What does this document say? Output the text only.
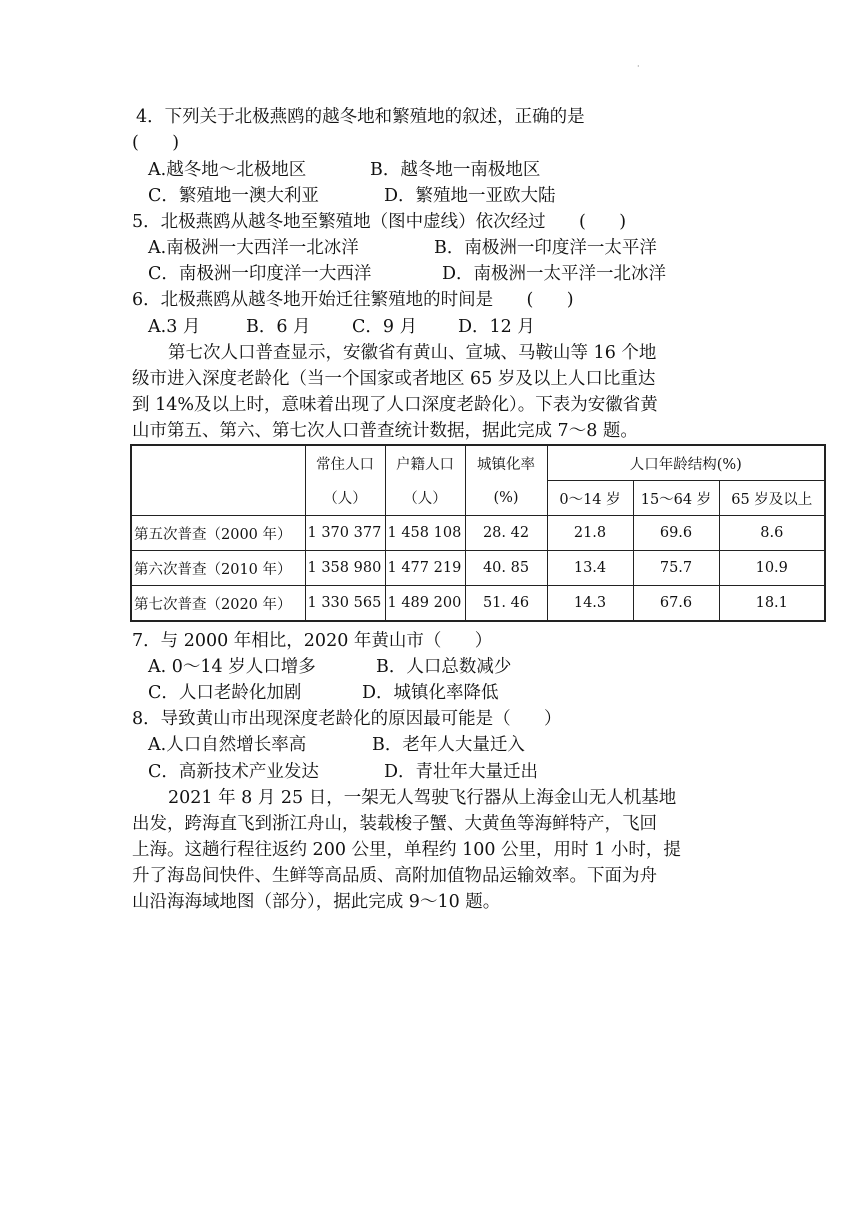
·
4．下列关于北极燕鸥的越冬地和繁殖地的叙述，正确的是
(      )
A.越冬地～北极地区	B．越冬地一南极地区
C．繁殖地一澳大利亚	D．繁殖地一亚欧大陆
5．北极燕鸥从越冬地至繁殖地（图中虚线）依次经过      (      )
A.南极洲一大西洋一北冰洋	B．南极洲一印度洋一太平洋
C．南极洲一印度洋一大西洋	D．南极洲一太平洋一北冰洋
6．北极燕鸥从越冬地开始迁往繁殖地的时间是      (      )
A.3 月	B．6 月 C．9 月 D．12 月
第七次人口普查显示，安徽省有黄山、宣城、马鞍山等 16 个地
级市进入深度老龄化（当一个国家或者地区 65 岁及以上人口比重达
到 14%及以上时，意味着出现了人口深度老龄化）。下表为安徽省黄
山市第五、第六、第七次人口普查统计数据，据此完成 7～8 题。
	常住人口	户籍人口	城镇化率	人口年龄结构(%)		
	（人）	（人）	(%)	0～14 岁	15～64 岁	65 岁及以上
第五次普查（2000 年）	1 370 377	1 458 108	28. 42	21.8	69.6	8.6
第六次普查（2010 年）	1 358 980	1 477 219	40. 85	13.4	75.7	10.9
第七次普查（2020 年）	1 330 565	1 489 200	51. 46	14.3	67.6	18.1
7．与 2000 年相比，2020 年黄山市（      ）
A. 0～14 岁人口增多	B．人口总数减少
C．人口老龄化加剧	D．城镇化率降低
8．导致黄山市出现深度老龄化的原因最可能是（      ）
A.人口自然增长率高	B．老年人大量迁入
C．高新技术产业发达	D．青壮年大量迁出
2021 年 8 月 25 日，一架无人驾驶飞行器从上海金山无人机基地
出发，跨海直飞到浙江舟山，装载梭子蟹、大黄鱼等海鲜特产，飞回
上海。这趟行程往返约 200 公里，单程约 100 公里，用时 1 小时，提
升了海岛间快件、生鲜等高品质、高附加值物品运输效率。下面为舟
山沿海海域地图（部分），据此完成 9～10 题。
